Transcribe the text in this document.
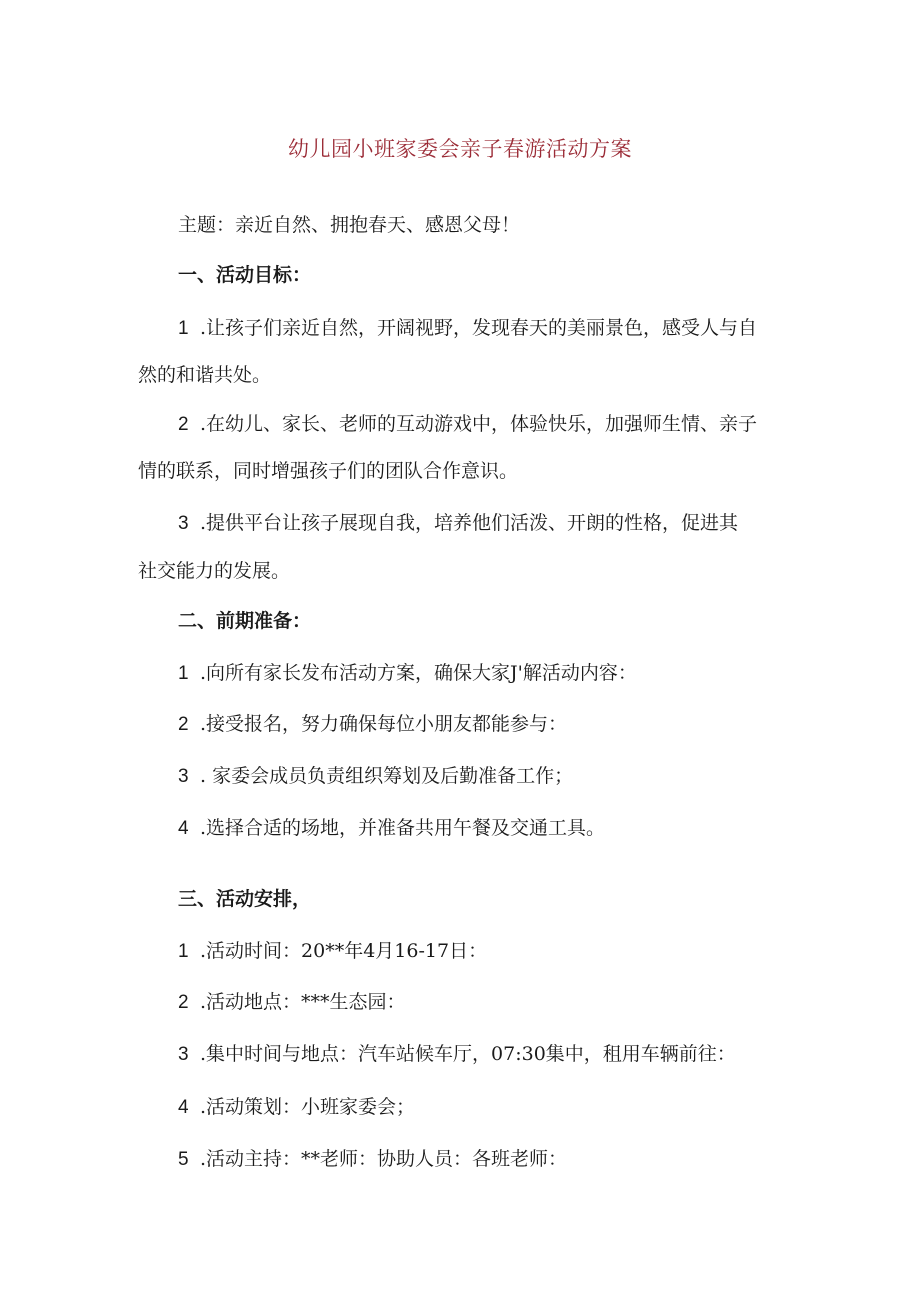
幼儿园小班家委会亲子春游活动方案
主题：亲近自然、拥抱春天、感恩父母！
一、活动目标：
1 .让孩子们亲近自然，开阔视野，发现春天的美丽景色，感受人与自
然的和谐共处。
2 .在幼儿、家长、老师的互动游戏中，体验快乐，加强师生情、亲子
情的联系，同时增强孩子们的团队合作意识。
3 .提供平台让孩子展现自我，培养他们活泼、开朗的性格，促进其
社交能力的发展。
二、前期准备：
1 .向所有家长发布活动方案，确保大家J'解活动内容：
2 .接受报名，努力确保每位小朋友都能参与：
3 . 家委会成员负责组织筹划及后勤准备工作；
4 .选择合适的场地，并准备共用午餐及交通工具。
三、活动安排，
1 .活动时间：20**年4月16-17日：
2 .活动地点：***生态园：
3 .集中时间与地点：汽车站候车厅，07:30集中，租用车辆前往：
4 .活动策划：小班家委会；
5 .活动主持：**老师：协助人员：各班老师：
